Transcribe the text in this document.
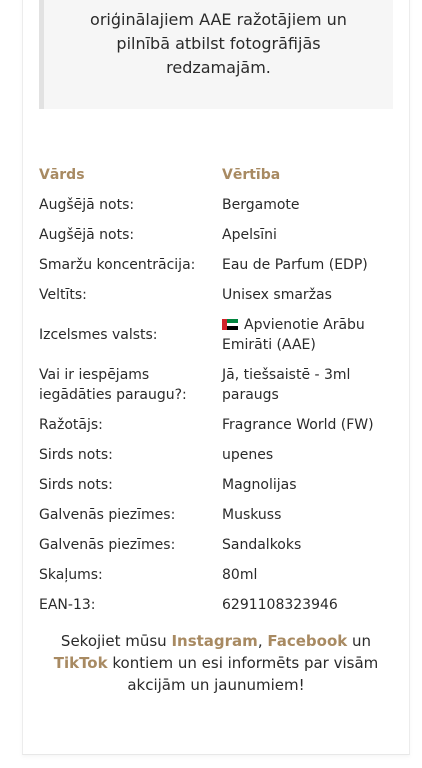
oriģinālajiem AAE ražotājiem un
pilnībā atbilst fotogrāfijās
redzamajām.
Vārds	Vērtība
Augšējā nots:	Bergamote
Augšējā nots:	Apelsīni
Smaržu koncentrācija:	Eau de Parfum (EDP)
Veltīts:	Unisex smaržas
Izcelsmes valsts:	Apvienotie Arābu Emirāti (AAE)
Vai ir iespējams iegādāties paraugu?:	Jā, tiešsaistē - 3ml paraugs
Ražotājs:	Fragrance World (FW)
Sirds nots:	upenes
Sirds nots:	Magnolijas
Galvenās piezīmes:	Muskuss
Galvenās piezīmes:	Sandalkoks
Skaļums:	80ml
EAN-13:	6291108323946

Sekojiet mūsu Instagram, Facebook un TikTok kontiem un esi informēts par visām akcijām un jaunumiem!
